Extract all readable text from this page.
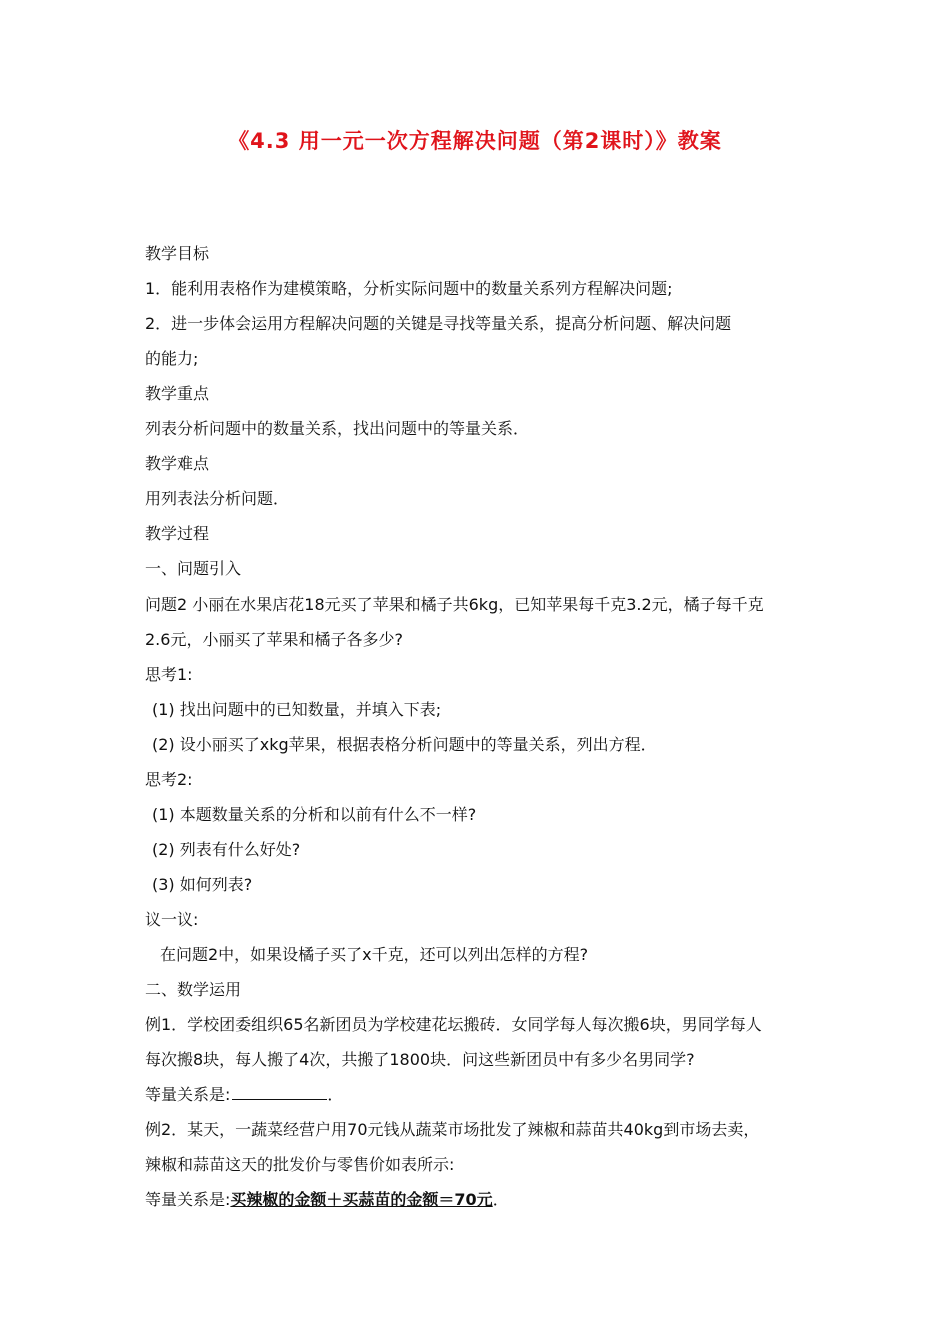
《4.3 用一元一次方程解决问题（第2课时）》教案
教学目标
1．能利用表格作为建模策略，分析实际问题中的数量关系列方程解决问题;
2．进一步体会运用方程解决问题的关键是寻找等量关系，提高分析问题、解决问题
的能力;
教学重点
列表分析问题中的数量关系，找出问题中的等量关系．
教学难点
用列表法分析问题．
教学过程
一、问题引入
问题2 小丽在水果店花18元买了苹果和橘子共6kg，已知苹果每千克3.2元，橘子每千克
2.6元，小丽买了苹果和橘子各多少?
思考1:
(1) 找出问题中的已知数量，并填入下表;
(2) 设小丽买了xkg苹果，根据表格分析问题中的等量关系，列出方程．
思考2:
(1) 本题数量关系的分析和以前有什么不一样?
(2) 列表有什么好处?
(3) 如何列表?
议一议:
在问题2中，如果设橘子买了x千克，还可以列出怎样的方程?
二、数学运用
例1．学校团委组织65名新团员为学校建花坛搬砖．女同学每人每次搬6块，男同学每人
每次搬8块，每人搬了4次，共搬了1800块．问这些新团员中有多少名男同学?
等量关系是:	．
例2．某天，一蔬菜经营户用70元钱从蔬菜市场批发了辣椒和蒜苗共40kg到市场去卖，
辣椒和蒜苗这天的批发价与零售价如表所示:
等量关系是:买辣椒的金额＋买蒜苗的金额＝70元．
